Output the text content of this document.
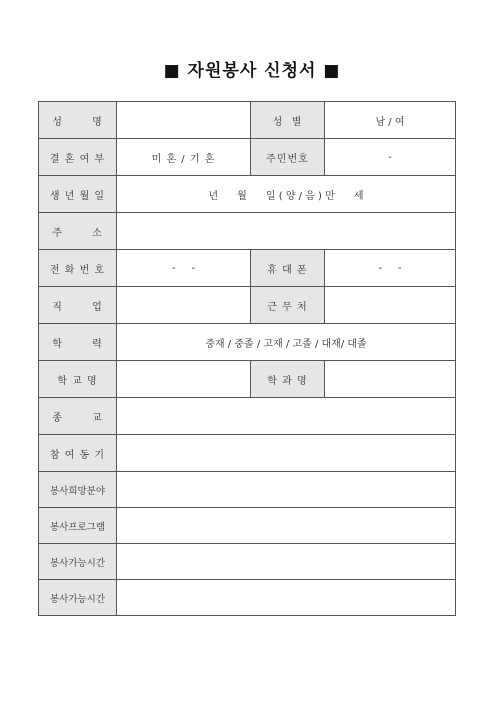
■ 자원봉사 신청서 ■
성       명		성  별	남 / 여
결 혼 여 부	미 혼 / 기 혼	주민번호	-
생 년 월 일	년      월      일 ( 양 / 음 ) 만      세		
주       소			
전 화 번 호	-     -	휴 대 폰	-     -
직       업		근 무 처	
학       력	중재 / 중졸 / 고재 / 고졸 / 대재/ 대졸		
학 교 명		학 과 명	
종       교			
참 여 동 기			
봉사희망분야			
봉사프로그램			
봉사가능시간			
봉사가능시간			
